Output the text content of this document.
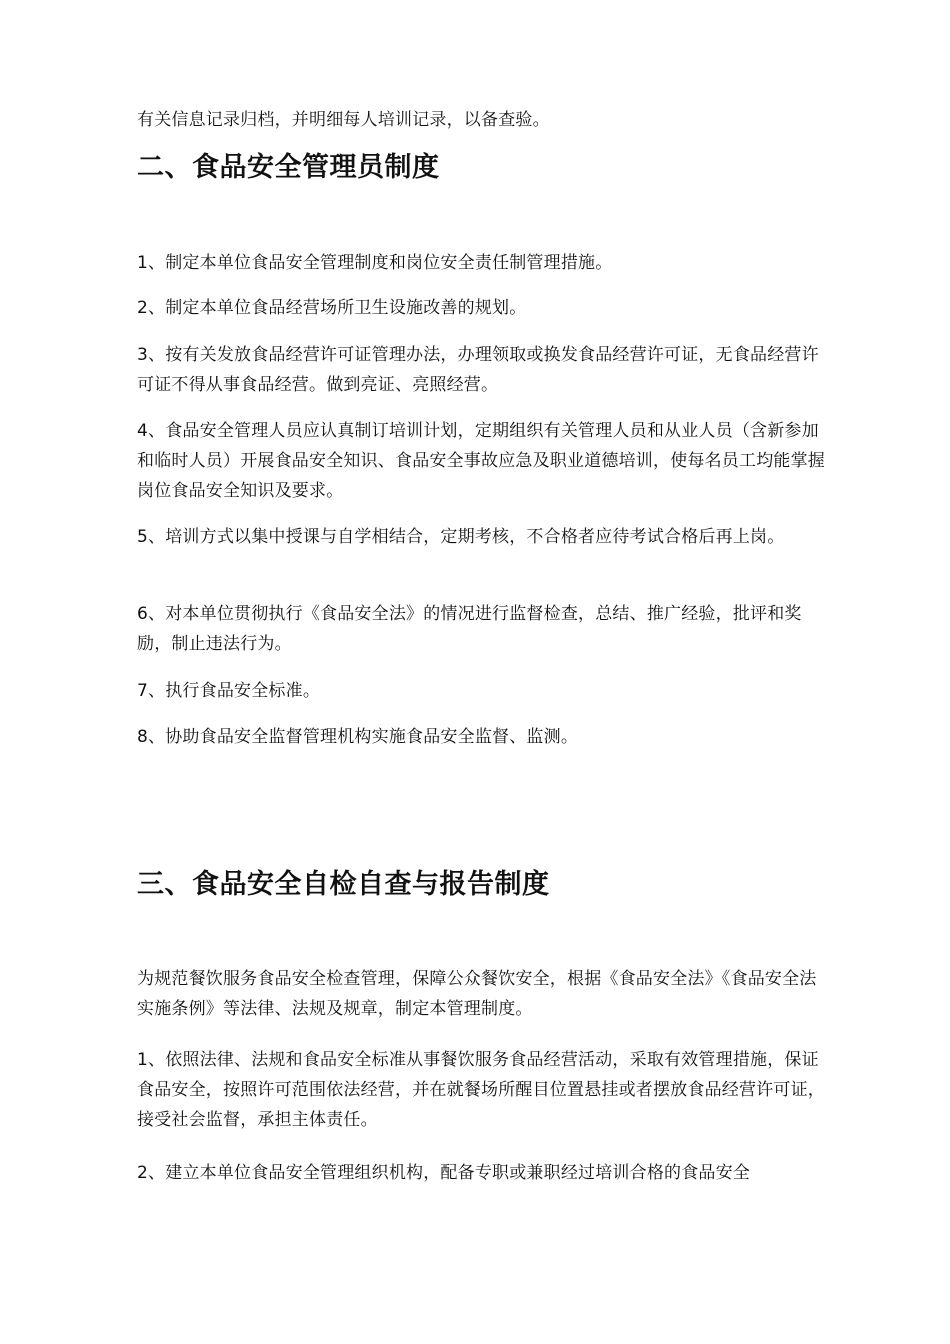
有关信息记录归档，并明细每人培训记录，以备查验。
二、食品安全管理员制度
1、制定本单位食品安全管理制度和岗位安全责任制管理措施。
2、制定本单位食品经营场所卫生设施改善的规划。
3、按有关发放食品经营许可证管理办法，办理领取或换发食品经营许可证，无食品经营许可证不得从事食品经营。做到亮证、亮照经营。
4、食品安全管理人员应认真制订培训计划，定期组织有关管理人员和从业人员（含新参加和临时人员）开展食品安全知识、食品安全事故应急及职业道德培训，使每名员工均能掌握岗位食品安全知识及要求。
5、培训方式以集中授课与自学相结合，定期考核，不合格者应待考试合格后再上岗。
6、对本单位贯彻执行《食品安全法》的情况进行监督检查，总结、推广经验，批评和奖励，制止违法行为。
7、执行食品安全标准。
8、协助食品安全监督管理机构实施食品安全监督、监测。
三、食品安全自检自查与报告制度
为规范餐饮服务食品安全检查管理，保障公众餐饮安全，根据《食品安全法》《食品安全法实施条例》等法律、法规及规章，制定本管理制度。
1、依照法律、法规和食品安全标准从事餐饮服务食品经营活动，采取有效管理措施，保证食品安全，按照许可范围依法经营，并在就餐场所醒目位置悬挂或者摆放食品经营许可证，接受社会监督，承担主体责任。
2、建立本单位食品安全管理组织机构，配备专职或兼职经过培训合格的食品安全
